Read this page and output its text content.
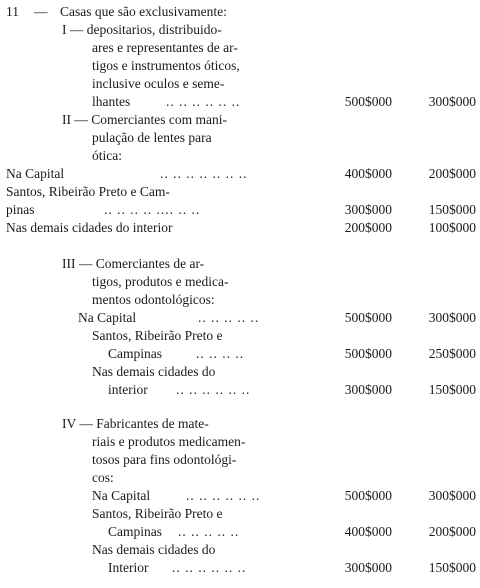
11 — Casas que são exclusivamente:
I — depositarios, distribuido-
ares e representantes de ar-
tigos e instrumentos óticos,
inclusive oculos e seme-
lhantes	.. .. .. .. .. ..	500$000	300$000
II — Comerciantes com mani-
pulação de lentes para
ótica:
Na Capital	.. .. .. .. .. .. ..	400$000	200$000
Santos, Ribeirão Preto e Cam-
pinas	.. .. .. .. .... .. ..	300$000	150$000
Nas demais cidades do interior	200$000	100$000
III — Comerciantes de ar-
tigos, produtos e medica-
mentos odontológicos:
Na Capital	.. .. .. .. ..	500$000	300$000
Santos, Ribeirão Preto e
Campinas	.. .. .. ..	500$000	250$000
Nas demais cidades do
interior .. .. .. .. .. ..	300$000	150$000
IV — Fabricantes de mate-
riais e produtos medicamen-
tosos para fins odontológi-
cos:
Na Capital	.. .. .. .. .. ..	500$000	300$000
Santos, Ribeirão Preto e
Campinas .. .. .. .. ..	400$000	200$000
Nas demais cidades do
Interior .. .. .. .. .. ..	300$000	150$000
